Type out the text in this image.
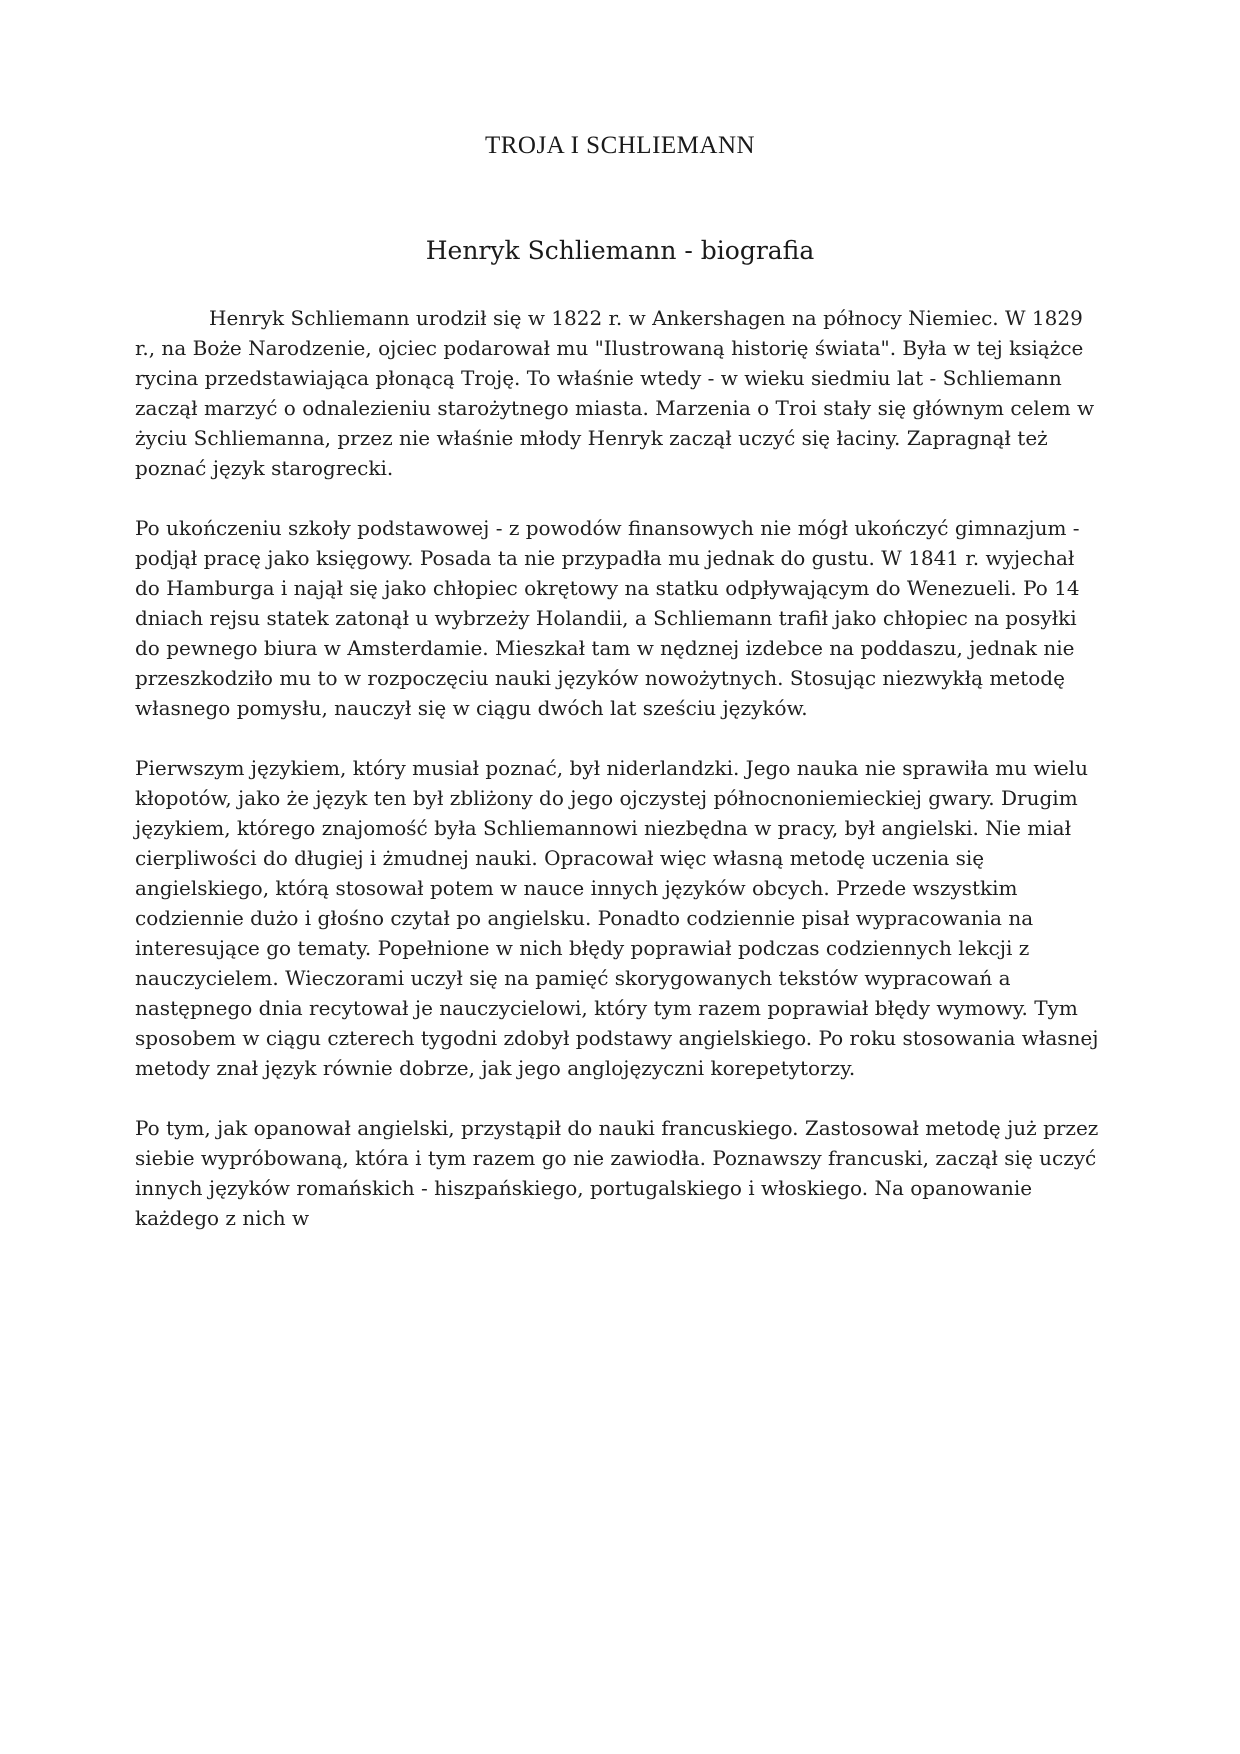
TROJA I SCHLIEMANN
Henryk Schliemann - biografia

Henryk Schliemann urodził się w 1822 r. w Ankershagen na północy Niemiec. W 1829 r., na Boże Narodzenie, ojciec podarował mu "Ilustrowaną historię świata". Była w tej książce rycina przedstawiająca płonącą Troję. To właśnie wtedy - w wieku siedmiu lat - Schliemann zaczął marzyć o odnalezieniu starożytnego miasta. Marzenia o Troi stały się głównym celem w życiu Schliemanna, przez nie właśnie młody Henryk zaczął uczyć się łaciny. Zapragnął też poznać język starogrecki.

Po ukończeniu szkoły podstawowej - z powodów finansowych nie mógł ukończyć gimnazjum - podjął pracę jako księgowy. Posada ta nie przypadła mu jednak do gustu. W 1841 r. wyjechał do Hamburga i najął się jako chłopiec okrętowy na statku odpływającym do Wenezueli. Po 14 dniach rejsu statek zatonął u wybrzeży Holandii, a Schliemann trafił jako chłopiec na posyłki do pewnego biura w Amsterdamie. Mieszkał tam w nędznej izdebce na poddaszu, jednak nie przeszkodziło mu to w rozpoczęciu nauki języków nowożytnych. Stosując niezwykłą metodę własnego pomysłu, nauczył się w ciągu dwóch lat sześciu języków.

Pierwszym językiem, który musiał poznać, był niderlandzki. Jego nauka nie sprawiła mu wielu kłopotów, jako że język ten był zbliżony do jego ojczystej północnoniemieckiej gwary. Drugim językiem, którego znajomość była Schliemannowi niezbędna w pracy, był angielski. Nie miał cierpliwości do długiej i żmudnej nauki. Opracował więc własną metodę uczenia się angielskiego, którą stosował potem w nauce innych języków obcych. Przede wszystkim codziennie dużo i głośno czytał po angielsku. Ponadto codziennie pisał wypracowania na interesujące go tematy. Popełnione w nich błędy poprawiał podczas codziennych lekcji z nauczycielem. Wieczorami uczył się na pamięć skorygowanych tekstów wypracowań a następnego dnia recytował je nauczycielowi, który tym razem poprawiał błędy wymowy. Tym sposobem w ciągu czterech tygodni zdobył podstawy angielskiego. Po roku stosowania własnej metody znał język równie dobrze, jak jego anglojęzyczni korepetytorzy.

Po tym, jak opanował angielski, przystąpił do nauki francuskiego. Zastosował metodę już przez siebie wypróbowaną, która i tym razem go nie zawiodła. Poznawszy francuski, zaczął się uczyć innych języków romańskich - hiszpańskiego, portugalskiego i włoskiego. Na opanowanie każdego z nich w
